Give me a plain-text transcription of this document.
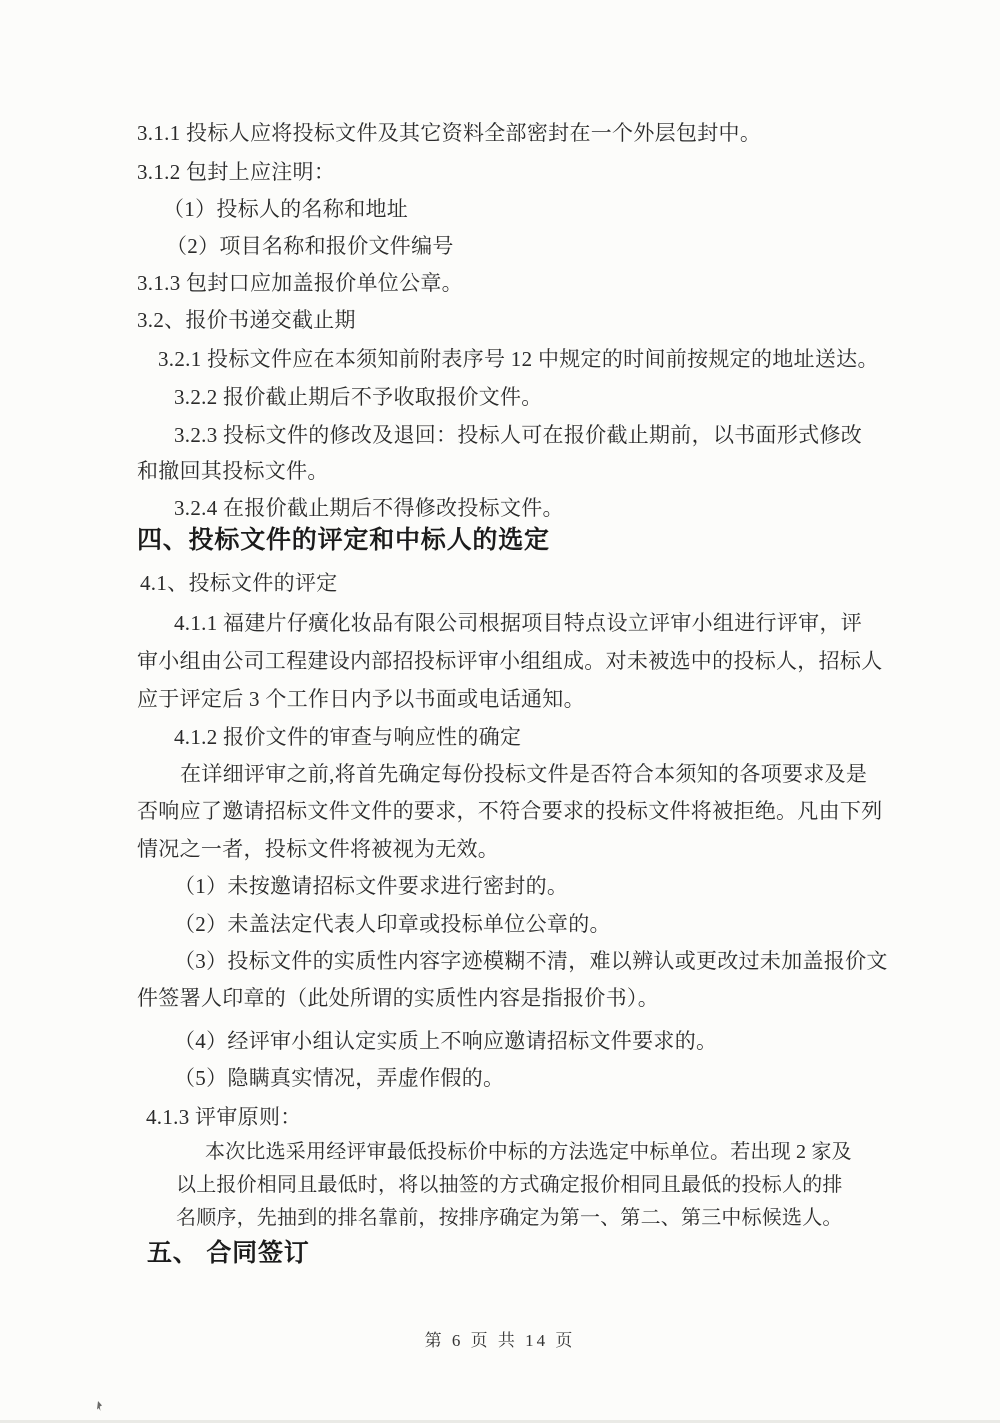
3.1.1 投标人应将投标文件及其它资料全部密封在一个外层包封中。
3.1.2 包封上应注明：
（1）投标人的名称和地址
（2）项目名称和报价文件编号
3.1.3 包封口应加盖报价单位公章。
3.2、报价书递交截止期
3.2.1 投标文件应在本须知前附表序号 12 中规定的时间前按规定的地址送达。
3.2.2 报价截止期后不予收取报价文件。
3.2.3 投标文件的修改及退回：投标人可在报价截止期前，以书面形式修改
和撤回其投标文件。
3.2.4 在报价截止期后不得修改投标文件。
四、投标文件的评定和中标人的选定
4.1、投标文件的评定
4.1.1 福建片仔癀化妆品有限公司根据项目特点设立评审小组进行评审，评
审小组由公司工程建设内部招投标评审小组组成。对未被选中的投标人，招标人
应于评定后 3 个工作日内予以书面或电话通知。
4.1.2 报价文件的审查与响应性的确定
在详细评审之前,将首先确定每份投标文件是否符合本须知的各项要求及是
否响应了邀请招标文件文件的要求，不符合要求的投标文件将被拒绝。凡由下列
情况之一者，投标文件将被视为无效。
（1）未按邀请招标文件要求进行密封的。
（2）未盖法定代表人印章或投标单位公章的。
（3）投标文件的实质性内容字迹模糊不清，难以辨认或更改过未加盖报价文
件签署人印章的（此处所谓的实质性内容是指报价书）。
（4）经评审小组认定实质上不响应邀请招标文件要求的。
（5）隐瞒真实情况，弄虚作假的。
4.1.3 评审原则：
本次比选采用经评审最低投标价中标的方法选定中标单位。若出现 2 家及
以上报价相同且最低时，将以抽签的方式确定报价相同且最低的投标人的排
名顺序，先抽到的排名靠前，按排序确定为第一、第二、第三中标候选人。
五、 合同签订
第 6 页 共 14 页
